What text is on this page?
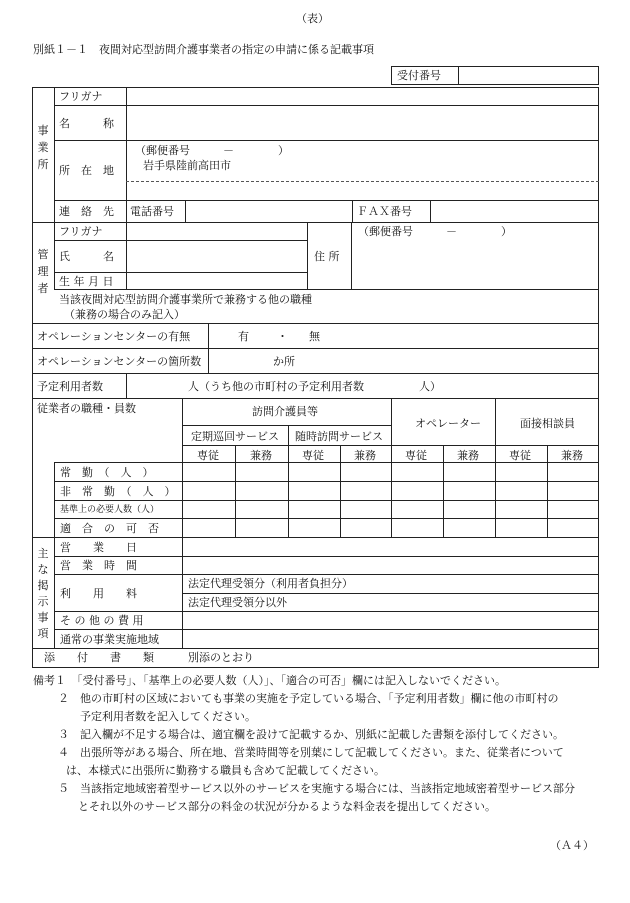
（表）
別紙１－１　夜間対応型訪問介護事業者の指定の申請に係る記載事項
受付番号
事
業
所
フリガナ
名　　　称
所　在　地
（郵便番号　　　－　　　　）
岩手県陸前高田市
連　絡　先 電話番号	ＦＡＸ番号
管
理
者
フリガナ
氏　　　名
生 年 月 日
住 所
（郵便番号　　　－　　　　）
当該夜間対応型訪問介護事業所で兼務する他の職種
（兼務の場合のみ記入）
オペレーションセンターの有無	有	・ 無
オペレーションセンターの箇所数	か所
予定利用者数	人（うち他の市町村の予定利用者数　　　　　人）
従業者の職種・員数	訪問介護員等
定期巡回サービス 随時訪問サービス
オペレーター	面接相談員
専従	兼務	専従	兼務	専従	兼務	専従	兼務
常　勤　（　人　）
非　常　勤　（　人　）
基準上の必要人数（人）
適　合　の　可　否
主
な
掲
示
事
項
営　　業　　日
営　業　時　間
利　　用　　料
法定代理受領分（利用者負担分）
法定代理受領分以外
そ の 他 の 費 用
通常の事業実施地域
添　　付　　書　　類	別添のとおり
備考１　「受付番号」、「基準上の必要人数（人）」、「適合の可否」欄には記入しないでください。
２　他の市町村の区域においても事業の実施を予定している場合、「予定利用者数」欄に他の市町村の
予定利用者数を記入してください。
３　記入欄が不足する場合は、適宜欄を設けて記載するか、別紙に記載した書類を添付してください。
４　出張所等がある場合、所在地、営業時間等を別葉にして記載してください。また、従業者について
は、本様式に出張所に勤務する職員も含めて記載してください。
５　当該指定地域密着型サービス以外のサービスを実施する場合には、当該指定地域密着型サービス部分
とそれ以外のサービス部分の料金の状況が分かるような料金表を提出してください。
（Ａ４）
